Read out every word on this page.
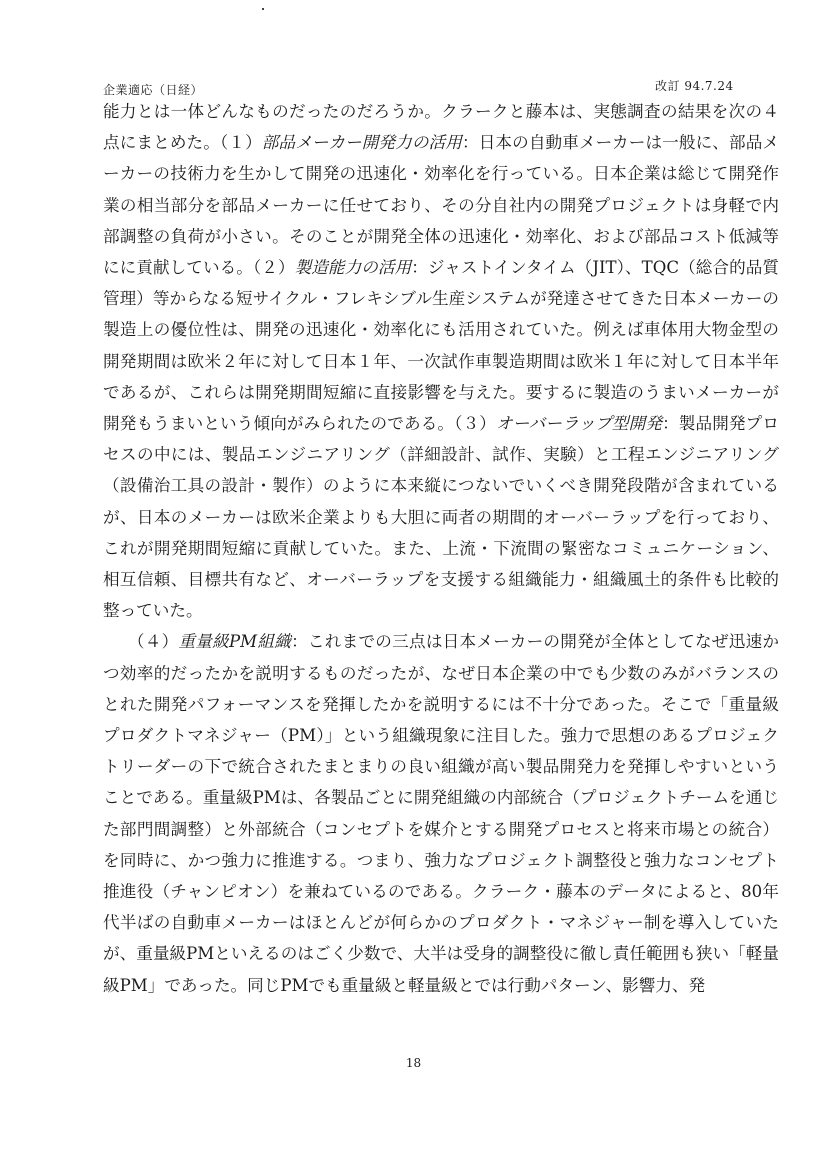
企業適応（日経）	改訂 94.7.24

能力とは一体どんなものだったのだろうか。クラークと藤本は、実態調査の結果を次の４点にまとめた。（１）部品メーカー開発力の活用：日本の自動車メーカーは一般に、部品メーカーの技術力を生かして開発の迅速化・効率化を行っている。日本企業は総じて開発作業の相当部分を部品メーカーに任せており、その分自社内の開発プロジェクトは身軽で内部調整の負荷が小さい。そのことが開発全体の迅速化・効率化、および部品コスト低減等にに貢献している。（２）製造能力の活用：ジャストインタイム（JIT）、TQC（総合的品質管理）等からなる短サイクル・フレキシブル生産システムが発達させてきた日本メーカーの製造上の優位性は、開発の迅速化・効率化にも活用されていた。例えば車体用大物金型の開発期間は欧米２年に対して日本１年、一次試作車製造期間は欧米１年に対して日本半年であるが、これらは開発期間短縮に直接影響を与えた。要するに製造のうまいメーカーが開発もうまいという傾向がみられたのである。（３）オーバーラップ型開発：製品開発プロセスの中には、製品エンジニアリング（詳細設計、試作、実験）と工程エンジニアリング（設備治工具の設計・製作）のように本来縦につないでいくべき開発段階が含まれているが、日本のメーカーは欧米企業よりも大胆に両者の期間的オーバーラップを行っており、これが開発期間短縮に貢献していた。また、上流・下流間の緊密なコミュニケーション、相互信頼、目標共有など、オーバーラップを支援する組織能力・組織風土的条件も比較的整っていた。

（４）重量級PM組織：これまでの三点は日本メーカーの開発が全体としてなぜ迅速かつ効率的だったかを説明するものだったが、なぜ日本企業の中でも少数のみがバランスのとれた開発パフォーマンスを発揮したかを説明するには不十分であった。そこで「重量級プロダクトマネジャー（PM）」という組織現象に注目した。強力で思想のあるプロジェクトリーダーの下で統合されたまとまりの良い組織が高い製品開発力を発揮しやすいということである。重量級PMは、各製品ごとに開発組織の内部統合（プロジェクトチームを通じた部門間調整）と外部統合（コンセプトを媒介とする開発プロセスと将来市場との統合）を同時に、かつ強力に推進する。つまり、強力なプロジェクト調整役と強力なコンセプト推進役（チャンピオン）を兼ねているのである。クラーク・藤本のデータによると、80年代半ばの自動車メーカーはほとんどが何らかのプロダクト・マネジャー制を導入していたが、重量級PMといえるのはごく少数で、大半は受身的調整役に徹し責任範囲も狭い「軽量級PM」であった。同じPMでも重量級と軽量級とでは行動パターン、影響力、発

18
